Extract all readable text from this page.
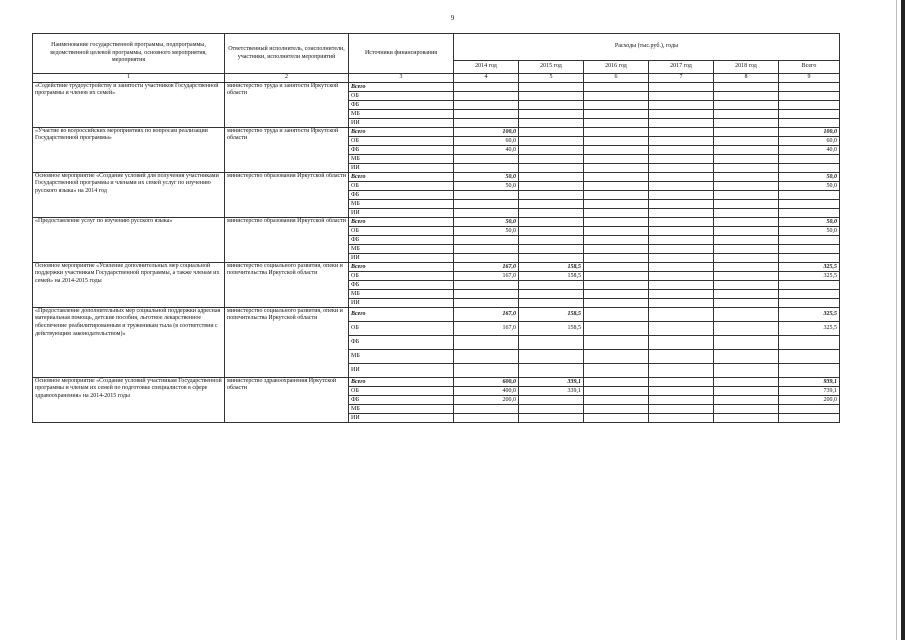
9
Наименование государственной программы, подпрограммы, ведомственной целевой программы, основного мероприятия, мероприятия	Ответственный исполнитель, соисполнители, участники, исполнители мероприятий	Источники финансирования	Расходы (тыс.руб.), годы					
			2014 год	2015 год	2016 год	2017 год	2018 год	Всего
1	2	3	4	5	6	7	8	9
«Содействие трудоустройству и занятости участников Государственной программы и членов их семей»	министерство труда и занятости Иркутской области	Всего						
		ОБ						
		ФБ						
		МБ						
		ИИ						
«Участие во всероссийских мероприятиях по вопросам реализации Государственной программы»	министерство труда и занятости Иркутской области	Всего	100,0					100,0
		ОБ	60,0					60,0
		ФБ	40,0					40,0
		МБ						
		ИИ						
Основное мероприятие «Создание условий для получения участниками Государственной программы и членами их семей услуг по изучению русского языка» на 2014 год	министерство образования Иркутской области	Всего	50,0					50,0
		ОБ	50,0					50,0
		ФБ						
		МБ						
		ИИ						
«Предоставление услуг по изучению русского языка»	министерство образования Иркутской области	Всего	50,0					50,0
		ОБ	50,0					50,0
		ФБ						
		МБ						
		ИИ						
Основное мероприятие «Усиление дополнительных мер социальной поддержки участникам Государственной программы, а также членам их семей» на 2014-2015 годы	министерство социального развития, опеки и попечительства Иркутской области	Всего	167,0	158,5				325,5
		ОБ	167,0	158,5				325,5
		ФБ						
		МБ						
		ИИ						
«Предоставление дополнительных мер социальной поддержки адресная материальная помощь, детские пособия, льготное лекарственное обеспечение реабилитированным и труженикам тыла (в соответствии с действующим законодательством)»	министерство социального развития, опеки и попечительства Иркутской области	Всего	167,0	158,5				325,5
		ОБ	167,0	158,5				325,5
		ФБ						
		МБ						
		ИИ						
Основное мероприятие «Создание условий участникам Государственной программы и членам их семей по подготовке специалистов в сфере здравоохранения» на 2014-2015 годы	министерство здравоохранения Иркутской области	Всего	600,0	339,1				939,1
		ОБ	400,0	339,1				739,1
		ФБ	200,0					200,0
		МБ						
		ИИ						
